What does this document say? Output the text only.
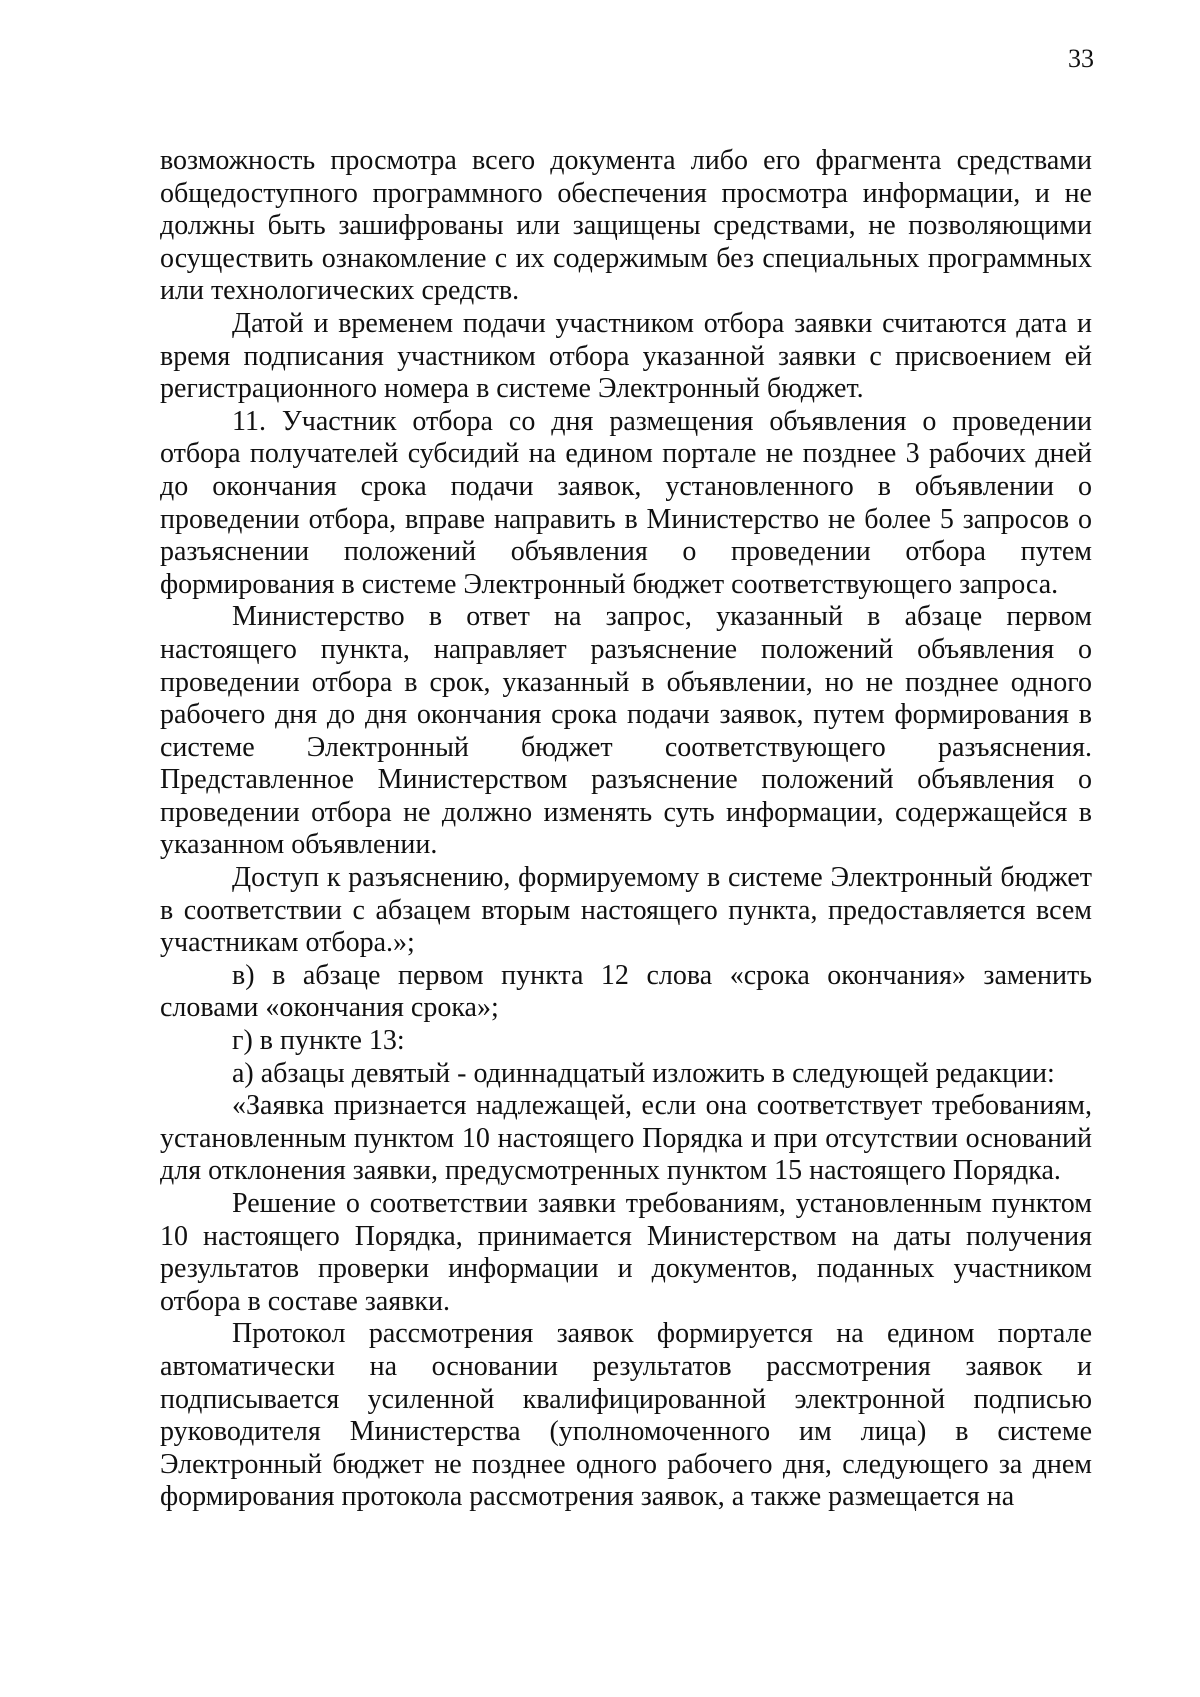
33

возможность просмотра всего документа либо его фрагмента средствами общедоступного программного обеспечения просмотра информации, и не должны быть зашифрованы или защищены средствами, не позволяющими осуществить ознакомление с их содержимым без специальных программных или технологических средств.

Датой и временем подачи участником отбора заявки считаются дата и время подписания участником отбора указанной заявки с присвоением ей регистрационного номера в системе Электронный бюджет.

11. Участник отбора со дня размещения объявления о проведении отбора получателей субсидий на едином портале не позднее 3 рабочих дней до окончания срока подачи заявок, установленного в объявлении о проведении отбора, вправе направить в Министерство не более 5 запросов о разъяснении положений объявления о проведении отбора путем формирования в системе Электронный бюджет соответствующего запроса.

Министерство в ответ на запрос, указанный в абзаце первом настоящего пункта, направляет разъяснение положений объявления о проведении отбора в срок, указанный в объявлении, но не позднее одного рабочего дня до дня окончания срока подачи заявок, путем формирования в системе Электронный бюджет соответствующего разъяснения. Представленное Министерством разъяснение положений объявления о проведении отбора не должно изменять суть информации, содержащейся в указанном объявлении.

Доступ к разъяснению, формируемому в системе Электронный бюджет в соответствии с абзацем вторым настоящего пункта, предоставляется всем участникам отбора.»;

в) в абзаце первом пункта 12 слова «срока окончания» заменить словами «окончания срока»;

г) в пункте 13:

а) абзацы девятый - одиннадцатый изложить в следующей редакции:

«Заявка признается надлежащей, если она соответствует требованиям, установленным пунктом 10 настоящего Порядка и при отсутствии оснований для отклонения заявки, предусмотренных пунктом 15 настоящего Порядка.

Решение о соответствии заявки требованиям, установленным пунктом 10 настоящего Порядка, принимается Министерством на даты получения результатов проверки информации и документов, поданных участником отбора в составе заявки.

Протокол рассмотрения заявок формируется на едином портале автоматически на основании результатов рассмотрения заявок и подписывается усиленной квалифицированной электронной подписью руководителя Министерства (уполномоченного им лица) в системе Электронный бюджет не позднее одного рабочего дня, следующего за днем формирования протокола рассмотрения заявок, а также размещается на
